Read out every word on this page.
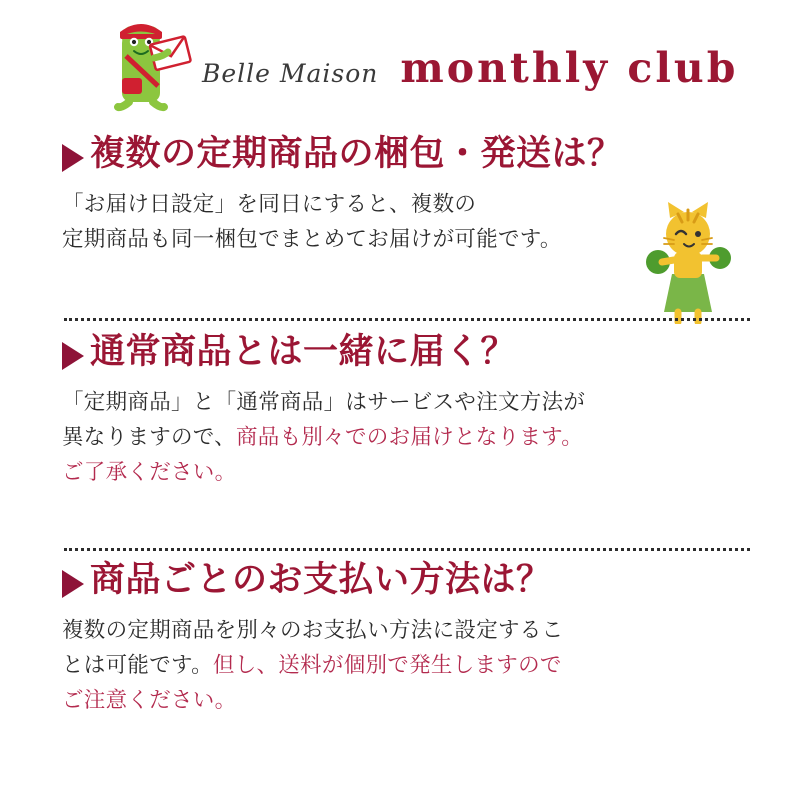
Belle Maison monthly club
複数の定期商品の梱包・発送は？
「お届け日設定」を同日にすると、複数の
定期商品も同一梱包でまとめてお届けが可能です。
通常商品とは一緒に届く？
「定期商品」と「通常商品」はサービスや注文方法が
異なりますので、商品も別々でのお届けとなります。
ご了承ください。
商品ごとのお支払い方法は？
複数の定期商品を別々のお支払い方法に設定するこ
とは可能です。但し、送料が個別で発生しますので
ご注意ください。
